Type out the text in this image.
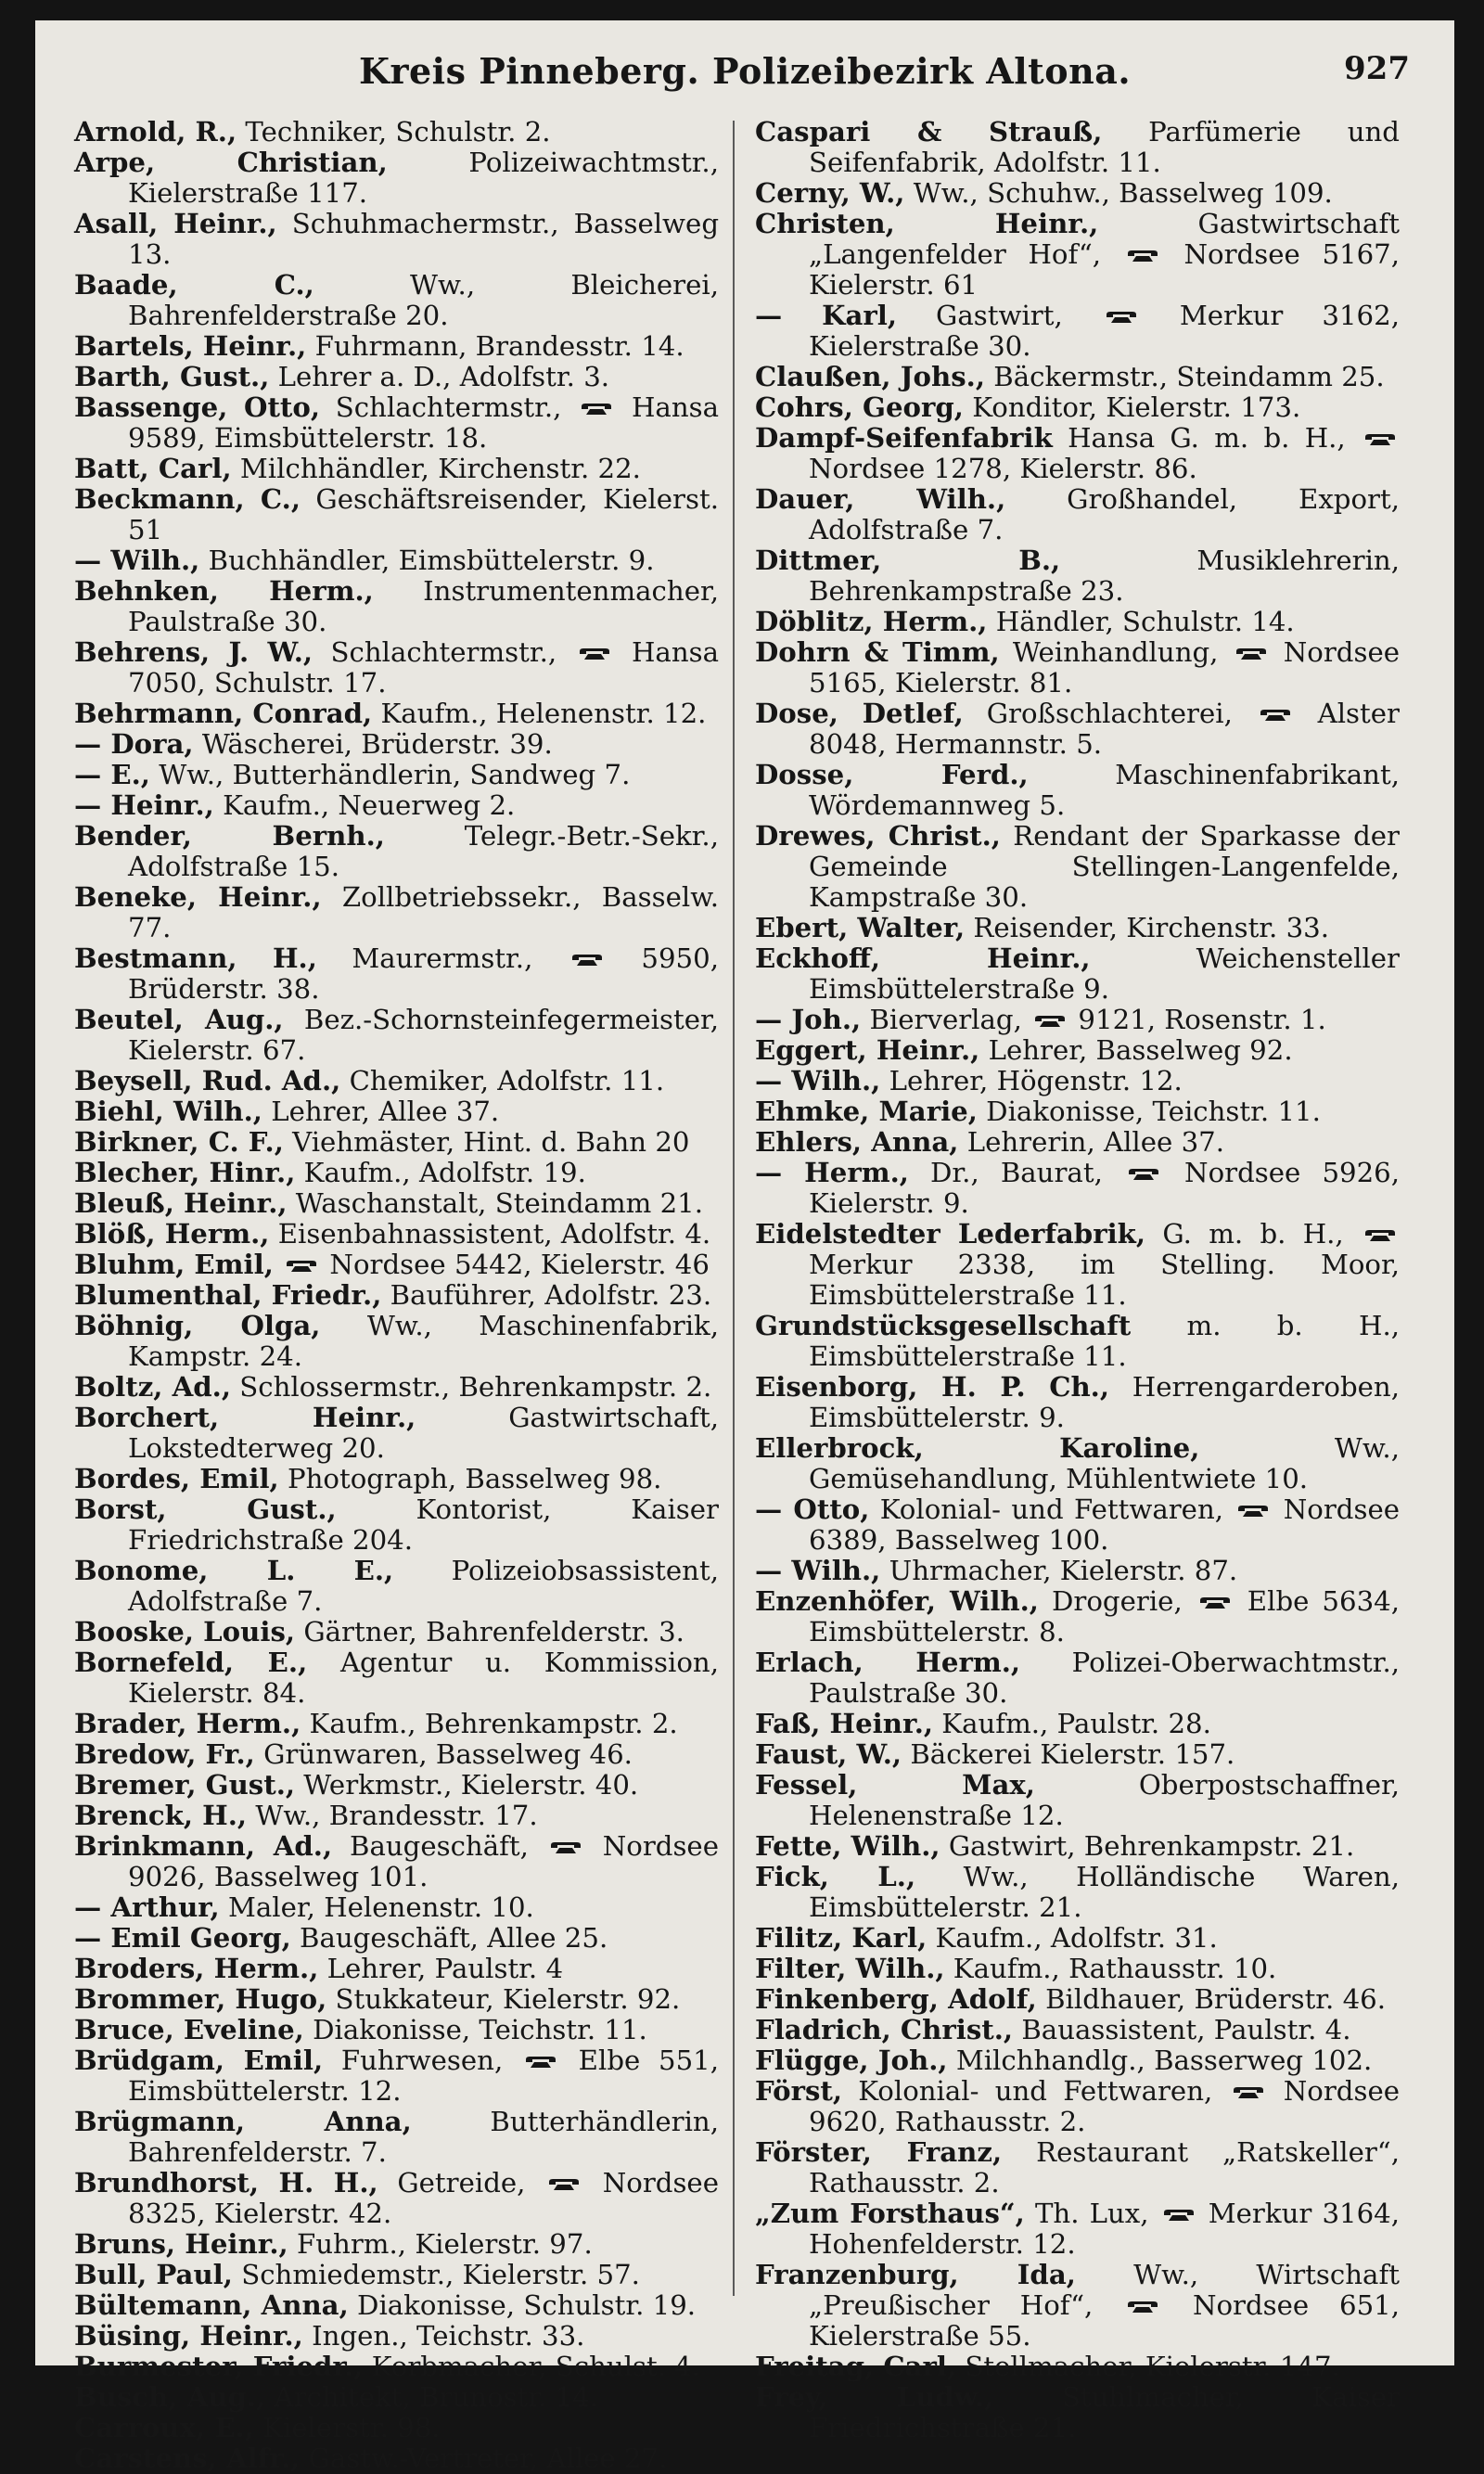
Kreis Pinneberg. Polizeibezirk Altona.	927

Arnold, R., Techniker, Schulstr. 2.

Arpe, Christian, Polizeiwachtmstr., Kielerstraße 117.

Asall, Heinr., Schuhmachermstr., Basselweg 13.

Baade, C., Ww., Bleicherei, Bahrenfelderstraße 20.

Bartels, Heinr., Fuhrmann, Brandesstr. 14.

Barth, Gust., Lehrer a. D., Adolfstr. 3.

Bassenge, Otto, Schlachtermstr.,  Hansa 9589, Eimsbüttelerstr. 18.

Batt, Carl, Milchhändler, Kirchenstr. 22.

Beckmann, C., Geschäftsreisender, Kielerst. 51

— Wilh., Buchhändler, Eimsbüttelerstr. 9.

Behnken, Herm., Instrumentenmacher, Paulstraße 30.

Behrens, J. W., Schlachtermstr.,  Hansa 7050, Schulstr. 17.

Behrmann, Conrad, Kaufm., Helenenstr. 12.

— Dora, Wäscherei, Brüderstr. 39.

— E., Ww., Butterhändlerin, Sandweg 7.

— Heinr., Kaufm., Neuerweg 2.

Bender, Bernh., Telegr.-Betr.-Sekr., Adolfstraße 15.

Beneke, Heinr., Zollbetriebssekr., Basselw. 77.

Bestmann, H., Maurermstr.,  5950, Brüderstr. 38.

Beutel, Aug., Bez.-Schornsteinfegermeister, Kielerstr. 67.

Beysell, Rud. Ad., Chemiker, Adolfstr. 11.

Biehl, Wilh., Lehrer, Allee 37.

Birkner, C. F., Viehmäster, Hint. d. Bahn 20

Blecher, Hinr., Kaufm., Adolfstr. 19.

Bleuß, Heinr., Waschanstalt, Steindamm 21.

Blöß, Herm., Eisenbahnassistent, Adolfstr. 4.

Bluhm, Emil,  Nordsee 5442, Kielerstr. 46

Blumenthal, Friedr., Bauführer, Adolfstr. 23.

Böhnig, Olga, Ww., Maschinenfabrik, Kampstr. 24.

Boltz, Ad., Schlossermstr., Behrenkampstr. 2.

Borchert, Heinr., Gastwirtschaft, Lokstedterweg 20.

Bordes, Emil, Photograph, Basselweg 98.

Borst, Gust., Kontorist, Kaiser Friedrichstraße 204.

Bonome, L. E., Polizeiobsassistent, Adolfstraße 7.

Booske, Louis, Gärtner, Bahrenfelderstr. 3.

Bornefeld, E., Agentur u. Kommission, Kielerstr. 84.

Brader, Herm., Kaufm., Behrenkampstr. 2.

Bredow, Fr., Grünwaren, Basselweg 46.

Bremer, Gust., Werkmstr., Kielerstr. 40.

Brenck, H., Ww., Brandesstr. 17.

Brinkmann, Ad., Baugeschäft,  Nordsee 9026, Basselweg 101.

— Arthur, Maler, Helenenstr. 10.

— Emil Georg, Baugeschäft, Allee 25.

Broders, Herm., Lehrer, Paulstr. 4

Brommer, Hugo, Stukkateur, Kielerstr. 92.

Bruce, Eveline, Diakonisse, Teichstr. 11.

Brüdgam, Emil, Fuhrwesen,  Elbe 551, Eimsbüttelerstr. 12.

Brügmann, Anna, Butterhändlerin, Bahrenfelderstr. 7.

Brundhorst, H. H., Getreide,  Nordsee 8325, Kielerstr. 42.

Bruns, Heinr., Fuhrm., Kielerstr. 97.

Bull, Paul, Schmiedemstr., Kielerstr. 57.

Bültemann, Anna, Diakonisse, Schulstr. 19.

Büsing, Heinr., Ingen., Teichstr. 33.

Burmester, Friedr., Korbmacher, Schulst. 4.

Busch, Aug., Architekt, Brunostr. 14.

Carroux, E., Kielerstr. 98.

Carstens, Alfr., Gastw.-Vertreter, Allee 27.

Caspari & Strauß, Parfümerie und Seifenfabrik, Adolfstr. 11.

Cerny, W., Ww., Schuhw., Basselweg 109.

Christen, Heinr., Gastwirtschaft „Langenfelder Hof“,  Nordsee 5167, Kielerstr. 61

— Karl, Gastwirt,  Merkur 3162, Kielerstraße 30.

Claußen, Johs., Bäckermstr., Steindamm 25.

Cohrs, Georg, Konditor, Kielerstr. 173.

Dampf-Seifenfabrik Hansa G. m. b. H.,  Nordsee 1278, Kielerstr. 86.

Dauer, Wilh., Großhandel, Export, Adolfstraße 7.

Dittmer, B., Musiklehrerin, Behrenkampstraße 23.

Döblitz, Herm., Händler, Schulstr. 14.

Dohrn & Timm, Weinhandlung,  Nordsee 5165, Kielerstr. 81.

Dose, Detlef, Großschlachterei,  Alster 8048, Hermannstr. 5.

Dosse, Ferd., Maschinenfabrikant, Wördemannweg 5.

Drewes, Christ., Rendant der Sparkasse der Gemeinde Stellingen-Langenfelde, Kampstraße 30.

Ebert, Walter, Reisender, Kirchenstr. 33.

Eckhoff, Heinr., Weichensteller Eimsbüttelerstraße 9.

— Joh., Bierverlag,  9121, Rosenstr. 1.

Eggert, Heinr., Lehrer, Basselweg 92.

— Wilh., Lehrer, Högenstr. 12.

Ehmke, Marie, Diakonisse, Teichstr. 11.

Ehlers, Anna, Lehrerin, Allee 37.

— Herm., Dr., Baurat,  Nordsee 5926, Kielerstr. 9.

Eidelstedter Lederfabrik, G. m. b. H.,  Merkur 2338, im Stelling. Moor, Eimsbüttelerstraße 11.

Grundstücksgesellschaft m. b. H., Eimsbüttelerstraße 11.

Eisenborg, H. P. Ch., Herrengarderoben, Eimsbüttelerstr. 9.

Ellerbrock, Karoline, Ww., Gemüsehandlung, Mühlentwiete 10.

— Otto, Kolonial- und Fettwaren,  Nordsee 6389, Basselweg 100.

— Wilh., Uhrmacher, Kielerstr. 87.

Enzenhöfer, Wilh., Drogerie,  Elbe 5634, Eimsbüttelerstr. 8.

Erlach, Herm., Polizei-Oberwachtmstr., Paulstraße 30.

Faß, Heinr., Kaufm., Paulstr. 28.

Faust, W., Bäckerei Kielerstr. 157.

Fessel, Max, Oberpostschaffner, Helenenstraße 12.

Fette, Wilh., Gastwirt, Behrenkampstr. 21.

Fick, L., Ww., Holländische Waren, Eimsbüttelerstr. 21.

Filitz, Karl, Kaufm., Adolfstr. 31.

Filter, Wilh., Kaufm., Rathausstr. 10.

Finkenberg, Adolf, Bildhauer, Brüderstr. 46.

Fladrich, Christ., Bauassistent, Paulstr. 4.

Flügge, Joh., Milchhandlg., Basserweg 102.

Först, Kolonial- und Fettwaren,  Nordsee 9620, Rathausstr. 2.

Förster, Franz, Restaurant „Ratskeller“, Rathausstr. 2.

„Zum Forsthaus“, Th. Lux,  Merkur 3164, Hohenfelderstr. 12.

Franzenburg, Ida, Ww., Wirtschaft „Preußischer Hof“,  Nordsee 651, Kielerstraße 55.

Freitag, Carl, Stellmacher, Kielerstr. 147.

Frey, Ludw., Stuhlmacher, Kaiser Friedrichstraße 21.
